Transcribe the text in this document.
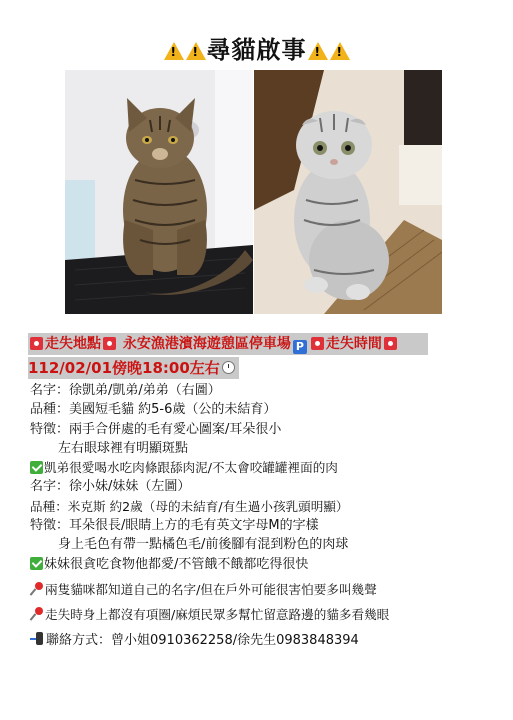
!!尋貓啟事!!
走失地點 永安漁港濱海遊憩區停車場 P 走失時間
112/02/01傍晚18:00左右
名字：徐凱弟/凱弟/弟弟（右圖）
品種：美國短毛貓 約5-6歲（公的未結育）
特徵：兩手合併處的毛有愛心圖案/耳朵很小
左右眼球裡有明顯斑點
凱弟很愛喝水吃肉條跟舔肉泥/不太會咬罐罐裡面的肉
名字：徐小妹/妹妹（左圖）
品種：米克斯 約2歲（母的未結育/有生過小孩乳頭明顯）
特徵：耳朵很長/眼睛上方的毛有英文字母M的字樣
身上毛色有帶一點橘色毛/前後腳有混到粉色的肉球
妹妹很貪吃食物他都愛/不管餓不餓都吃得很快
兩隻貓咪都知道自己的名字/但在戶外可能很害怕要多叫幾聲
走失時身上都沒有項圈/麻煩民眾多幫忙留意路邊的貓多看幾眼
聯絡方式：曾小姐0910362258/徐先生0983848394
